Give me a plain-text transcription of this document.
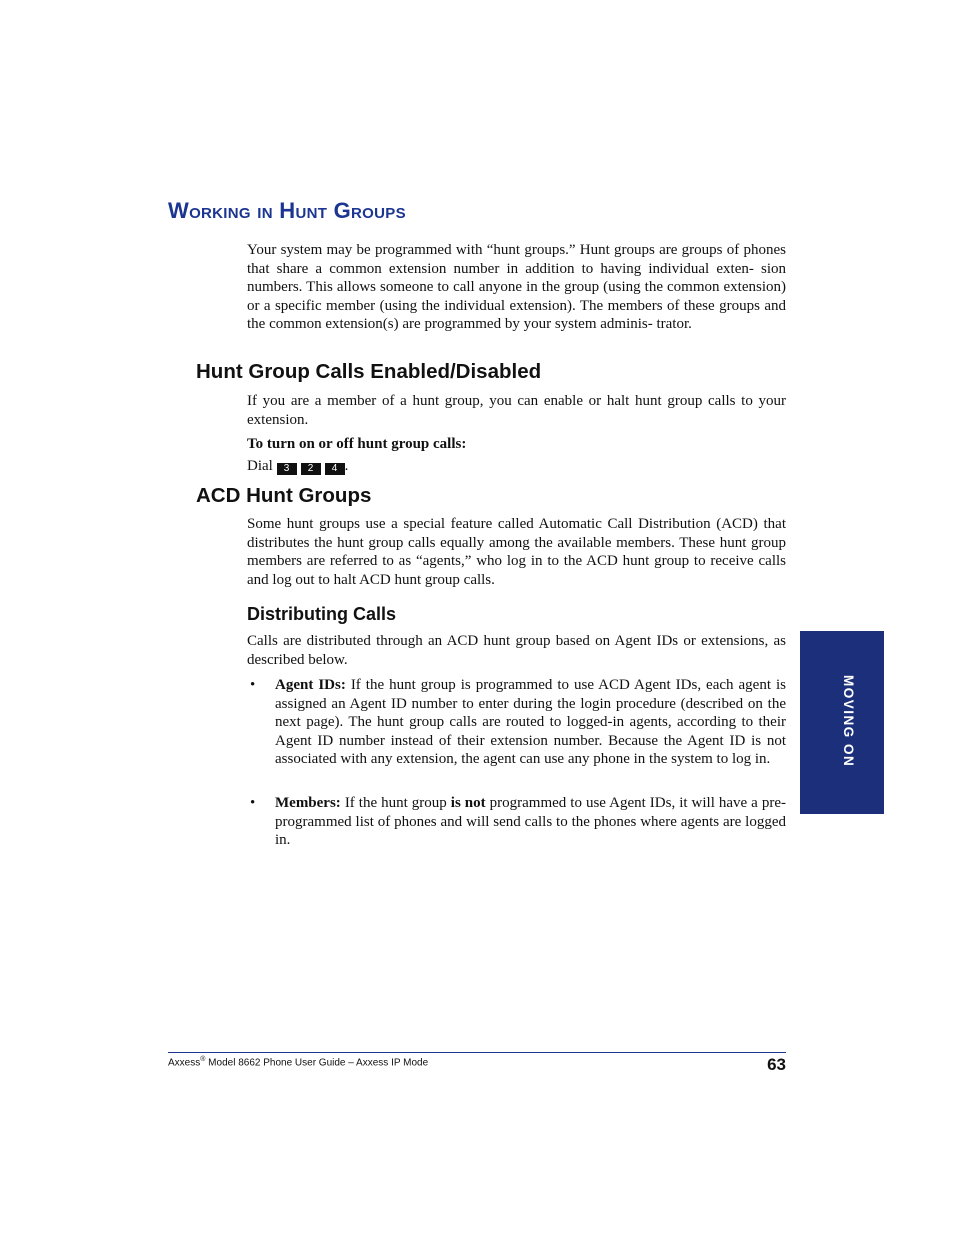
Working in Hunt Groups

Your system may be programmed with “hunt groups.” Hunt groups are groups of phones that share a common extension number in addition to having individual exten- sion numbers. This allows someone to call anyone in the group (using the common extension) or a specific member (using the individual extension). The members of these groups and the common extension(s) are programmed by your system adminis- trator.

Hunt Group Calls Enabled/Disabled

If you are a member of a hunt group, you can enable or halt hunt group calls to your extension.

To turn on or off hunt group calls:

Dial 3 2 4 .
ACD Hunt Groups

Some hunt groups use a special feature called Automatic Call Distribution (ACD) that distributes the hunt group calls equally among the available members. These hunt group members are referred to as “agents,” who log in to the ACD hunt group to receive calls and log out to halt ACD hunt group calls.

Distributing Calls

Calls are distributed through an ACD hunt group based on Agent IDs or extensions, as described below.

• Agent IDs: If the hunt group is programmed to use ACD Agent IDs, each agent is assigned an Agent ID number to enter during the login procedure (described on the next page). The hunt group calls are routed to logged-in agents, according to their Agent ID number instead of their extension number. Because the Agent ID is not associated with any extension, the agent can use any phone in the system to log in.

• Members: If the hunt group is not programmed to use Agent IDs, it will have a pre-programmed list of phones and will send calls to the phones where agents are logged in.

MOVING ON

Axxess® Model 8662 Phone User Guide – Axxess IP Mode	63
